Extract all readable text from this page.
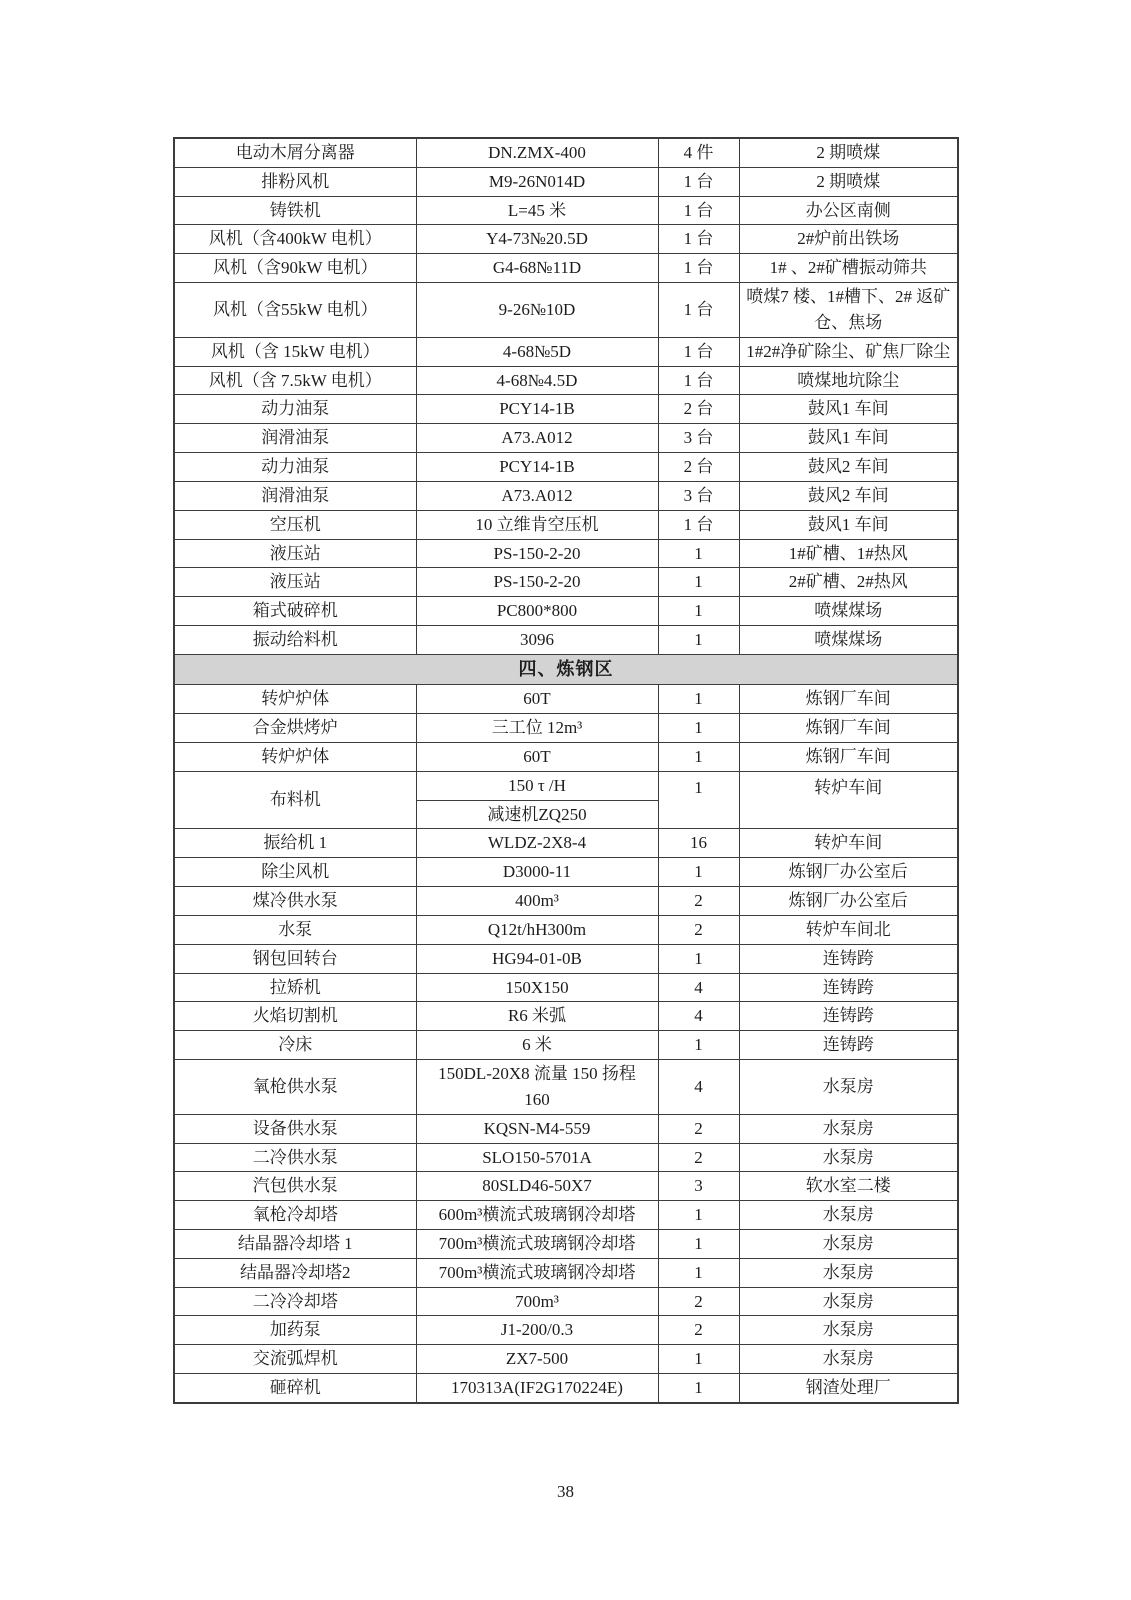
电动木屑分离器	DN.ZMX-400	4 件	2 期喷煤
排粉风机	M9-26N014D	1 台	2 期喷煤
铸铁机	L=45 米	1 台	办公区南侧
风机（含400kW 电机）	Y4-73№20.5D	1 台	2#炉前出铁场
风机（含90kW 电机）	G4-68№11D	1 台	1# 、2#矿槽振动筛共
风机（含55kW 电机）	9-26№10D	1 台	喷煤7 楼、1#槽下、2# 返矿仓、焦场
风机（含 15kW 电机）	4-68№5D	1 台	1#2#净矿除尘、矿焦厂除尘
风机（含 7.5kW 电机）	4-68№4.5D	1 台	喷煤地坑除尘
动力油泵	PCY14-1B	2 台	鼓风1 车间
润滑油泵	A73.A012	3 台	鼓风1 车间
动力油泵	PCY14-1B	2 台	鼓风2 车间
润滑油泵	A73.A012	3 台	鼓风2 车间
空压机	10 立维肯空压机	1 台	鼓风1 车间
液压站	PS-150-2-20	1	1#矿槽、1#热风
液压站	PS-150-2-20	1	2#矿槽、2#热风
箱式破碎机	PC800*800	1	喷煤煤场
振动给料机	3096	1	喷煤煤场
四、炼钢区			
转炉炉体	60T	1	炼钢厂车间
合金烘烤炉	三工位 12m³	1	炼钢厂车间
转炉炉体	60T	1	炼钢厂车间
布料机	150 τ /H	1	转炉车间
	减速机ZQ250		
振给机 1	WLDZ-2X8-4	16	转炉车间
除尘风机	D3000-11	1	炼钢厂办公室后
煤冷供水泵	400m³	2	炼钢厂办公室后
水泵	Q12t/hH300m	2	转炉车间北
钢包回转台	HG94-01-0B	1	连铸跨
拉矫机	150X150	4	连铸跨
火焰切割机	R6 米弧	4	连铸跨
冷床	6 米	1	连铸跨
氧枪供水泵	150DL-20X8 流量 150 扬程 160	4	水泵房
设备供水泵	KQSN-M4-559	2	水泵房
二冷供水泵	SLO150-5701A	2	水泵房
汽包供水泵	80SLD46-50X7	3	软水室二楼
氧枪冷却塔	600m³横流式玻璃钢冷却塔	1	水泵房
结晶器冷却塔 1	700m³横流式玻璃钢冷却塔	1	水泵房
结晶器冷却塔2	700m³横流式玻璃钢冷却塔	1	水泵房
二冷冷却塔	700m³	2	水泵房
加药泵	J1-200/0.3	2	水泵房
交流弧焊机	ZX7-500	1	水泵房
砸碎机	170313A(IF2G170224E)	1	钢渣处理厂
38
